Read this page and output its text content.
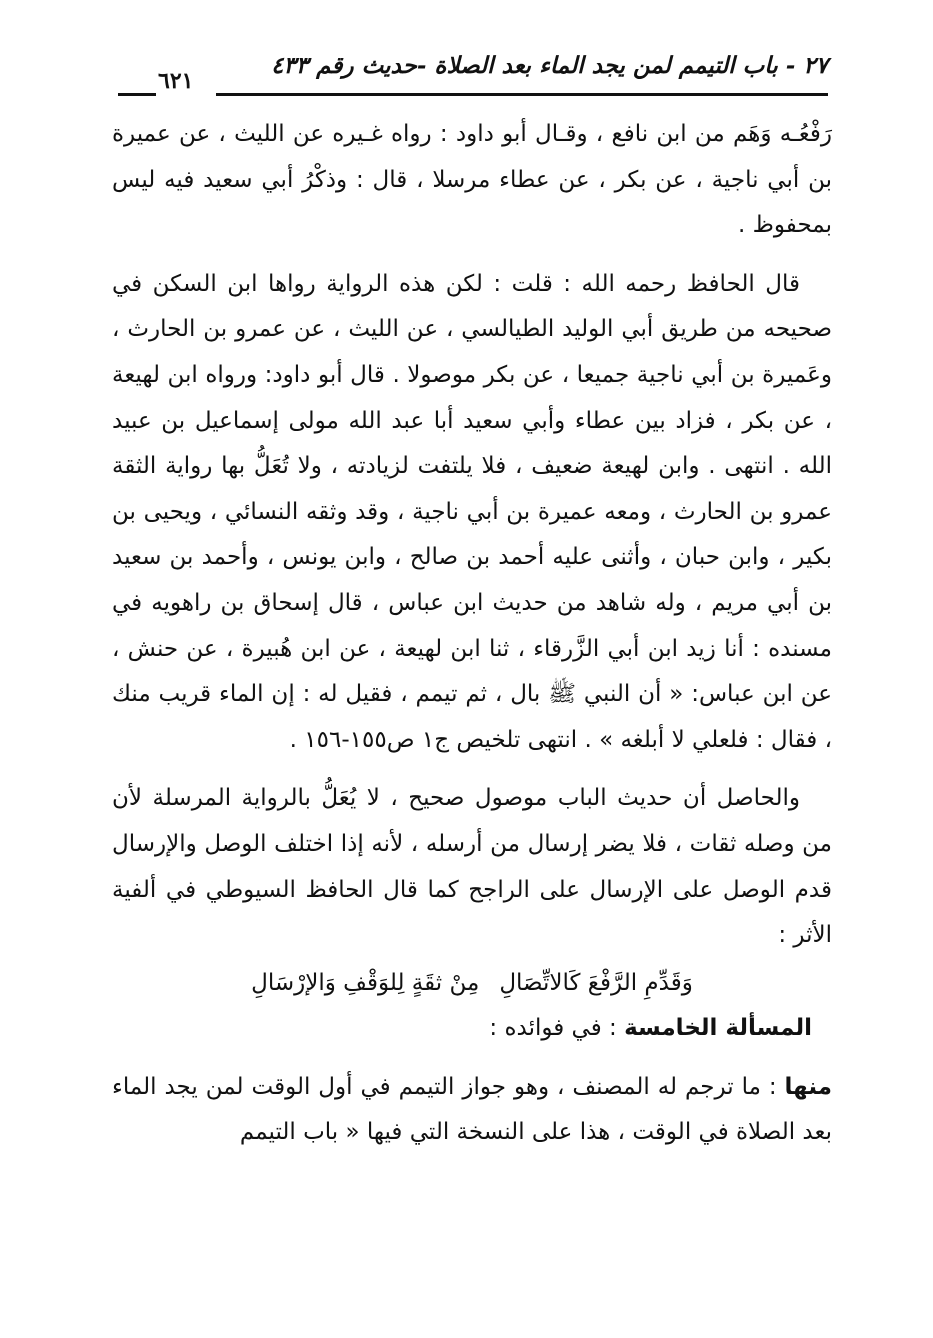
٢٧ - باب التيمم لمن يجد الماء بعد الصلاة -حديث رقم ٤٣٣
٦٢١

رَفْعُـه وَهَم من ابن نافع ، وقـال أبو داود : رواه غـيره عن الليث ، عن عميرة بن أبي ناجية ، عن بكر ، عن عطاء مرسلا ، قال : وذكْرُ أبي سعيد فيه ليس بمحفوظ .

قال الحافظ رحمه الله : قلت : لكن هذه الرواية رواها ابن السكن في صحيحه من طريق أبي الوليد الطيالسي ، عن الليث ، عن عمرو بن الحارث ، وعَميرة بن أبي ناجية جميعا ، عن بكر موصولا . قال أبو داود: ورواه ابن لهيعة ، عن بكر ، فزاد بين عطاء وأبي سعيد أبا عبد الله مولى إسماعيل بن عبيد الله . انتهى . وابن لهيعة ضعيف ، فلا يلتفت لزيادته ، ولا تُعَلُّ بها رواية الثقة عمرو بن الحارث ، ومعه عميرة بن أبي ناجية ، وقد وثقه النسائي ، ويحيى بن بكير ، وابن حبان ، وأثنى عليه أحمد بن صالح ، وابن يونس ، وأحمد بن سعيد بن أبي مريم ، وله شاهد من حديث ابن عباس ، قال إسحاق بن راهويه في مسنده : أنا زيد ابن أبي الزَّرقاء ، ثنا ابن لهيعة ، عن ابن هُبيرة ، عن حنش ، عن ابن عباس: « أن النبي ﷺ بال ، ثم تيمم ، فقيل له : إن الماء قريب منك ، فقال : فلعلي لا أبلغه » . انتهى تلخيص ج١ ص١٥٥-١٥٦ .

والحاصل أن حديث الباب موصول صحيح ، لا يُعَلُّ بالرواية المرسلة لأن من وصله ثقات ، فلا يضر إرسال من أرسله ، لأنه إذا اختلف الوصل والإرسال قدم الوصل على الإرسال على الراجح كما قال الحافظ السيوطي في ألفية الأثر :

وَقَدِّمِ الرَّفْعَ كَالاتِّصَالِمِنْ ثقَةٍ لِلوَقْفِ وَالإرْسَالِ

المسألة الخامسة : في فوائده :

منها : ما ترجم له المصنف ، وهو جواز التيمم في أول الوقت لمن يجد الماء بعد الصلاة في الوقت ، هذا على النسخة التي فيها « باب التيمم
